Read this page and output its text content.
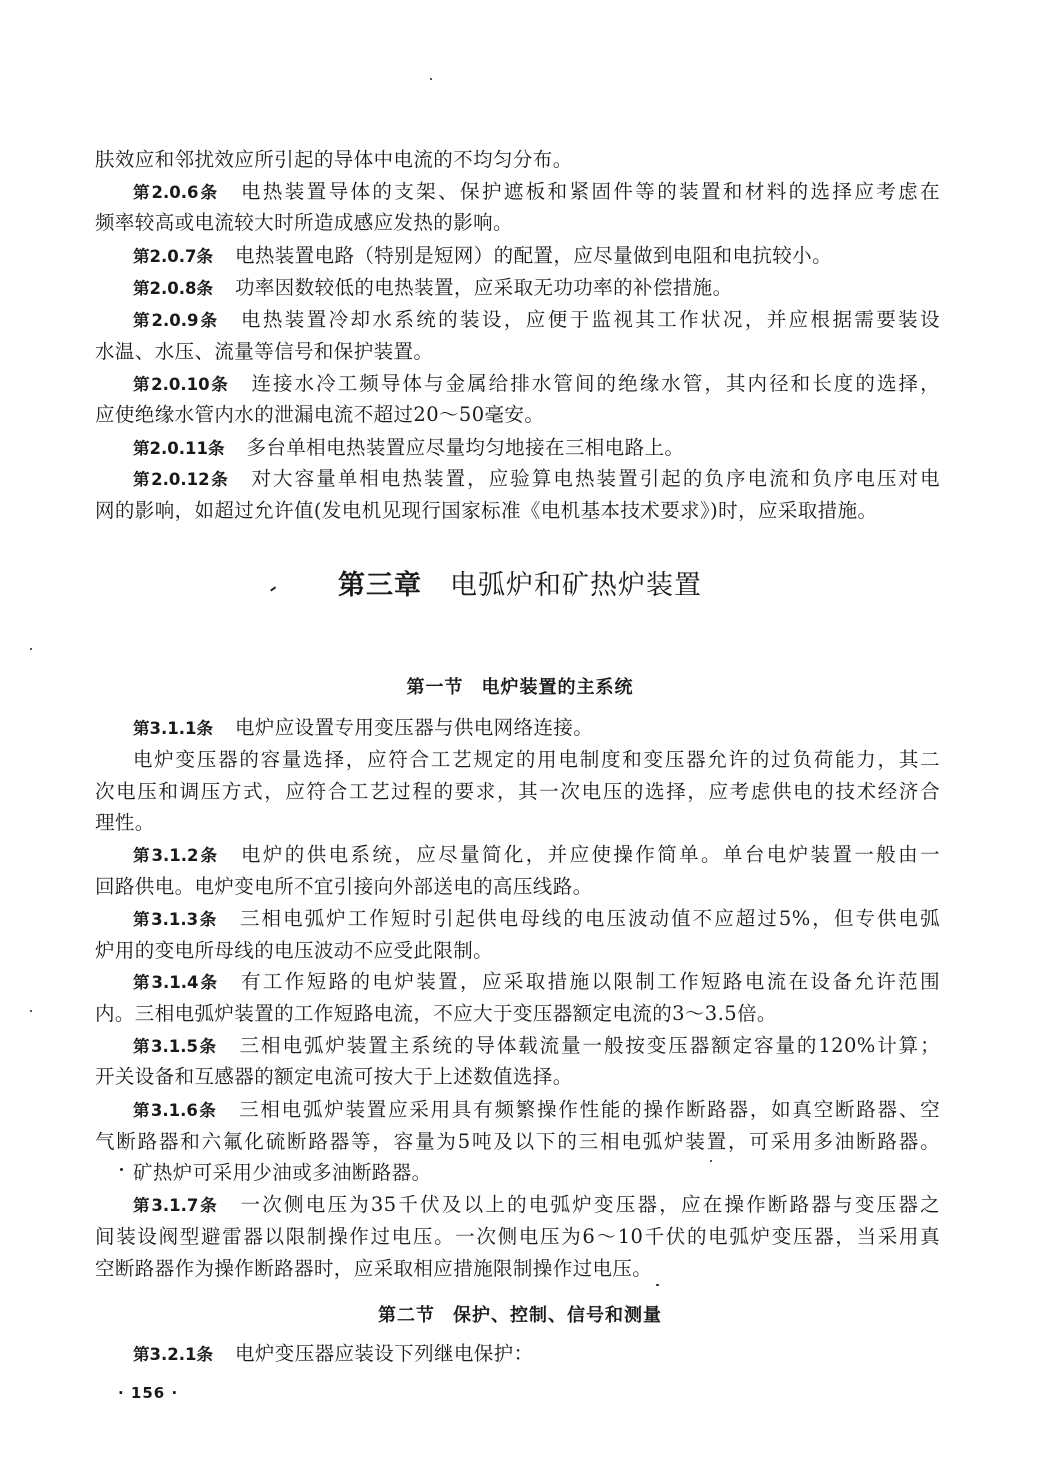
肤效应和邻扰效应所引起的导体中电流的不均匀分布。
第2.0.6条 电热装置导体的支架、保护遮板和紧固件等的装置和材料的选择应考虑在
频率较高或电流较大时所造成感应发热的影响。
第2.0.7条 电热装置电路（特别是短网）的配置，应尽量做到电阻和电抗较小。
第2.0.8条 功率因数较低的电热装置，应采取无功功率的补偿措施。
第2.0.9条 电热装置冷却水系统的装设，应便于监视其工作状况，并应根据需要装设
水温、水压、流量等信号和保护装置。
第2.0.10条 连接水冷工频导体与金属给排水管间的绝缘水管，其内径和长度的选择，
应使绝缘水管内水的泄漏电流不超过20～50毫安。
第2.0.11条 多台单相电热装置应尽量均匀地接在三相电路上。
第2.0.12条 对大容量单相电热装置，应验算电热装置引起的负序电流和负序电压对电
网的影响，如超过允许值(发电机见现行国家标准《电机基本技术要求》)时，应采取措施。
第三章 电弧炉和矿热炉装置
第一节 电炉装置的主系统
第3.1.1条 电炉应设置专用变压器与供电网络连接。
电炉变压器的容量选择，应符合工艺规定的用电制度和变压器允许的过负荷能力，其二
次电压和调压方式，应符合工艺过程的要求，其一次电压的选择，应考虑供电的技术经济合
理性。
第3.1.2条 电炉的供电系统，应尽量简化，并应使操作简单。单台电炉装置一般由一
回路供电。电炉变电所不宜引接向外部送电的高压线路。
第3.1.3条 三相电弧炉工作短时引起供电母线的电压波动值不应超过5%，但专供电弧
炉用的变电所母线的电压波动不应受此限制。
第3.1.4条 有工作短路的电炉装置，应采取措施以限制工作短路电流在设备允许范围
内。三相电弧炉装置的工作短路电流，不应大于变压器额定电流的3～3.5倍。
第3.1.5条 三相电弧炉装置主系统的导体载流量一般按变压器额定容量的120%计算；
开关设备和互感器的额定电流可按大于上述数值选择。
第3.1.6条 三相电弧炉装置应采用具有频繁操作性能的操作断路器，如真空断路器、空
气断路器和六氟化硫断路器等，容量为5吨及以下的三相电弧炉装置，可采用多油断路器。
矿热炉可采用少油或多油断路器。
第3.1.7条 一次侧电压为35千伏及以上的电弧炉变压器，应在操作断路器与变压器之
间装设阀型避雷器以限制操作过电压。一次侧电压为6～10千伏的电弧炉变压器，当采用真
空断路器作为操作断路器时，应采取相应措施限制操作过电压。
第二节 保护、控制、信号和测量
第3.2.1条 电炉变压器应装设下列继电保护：
· 156 ·
